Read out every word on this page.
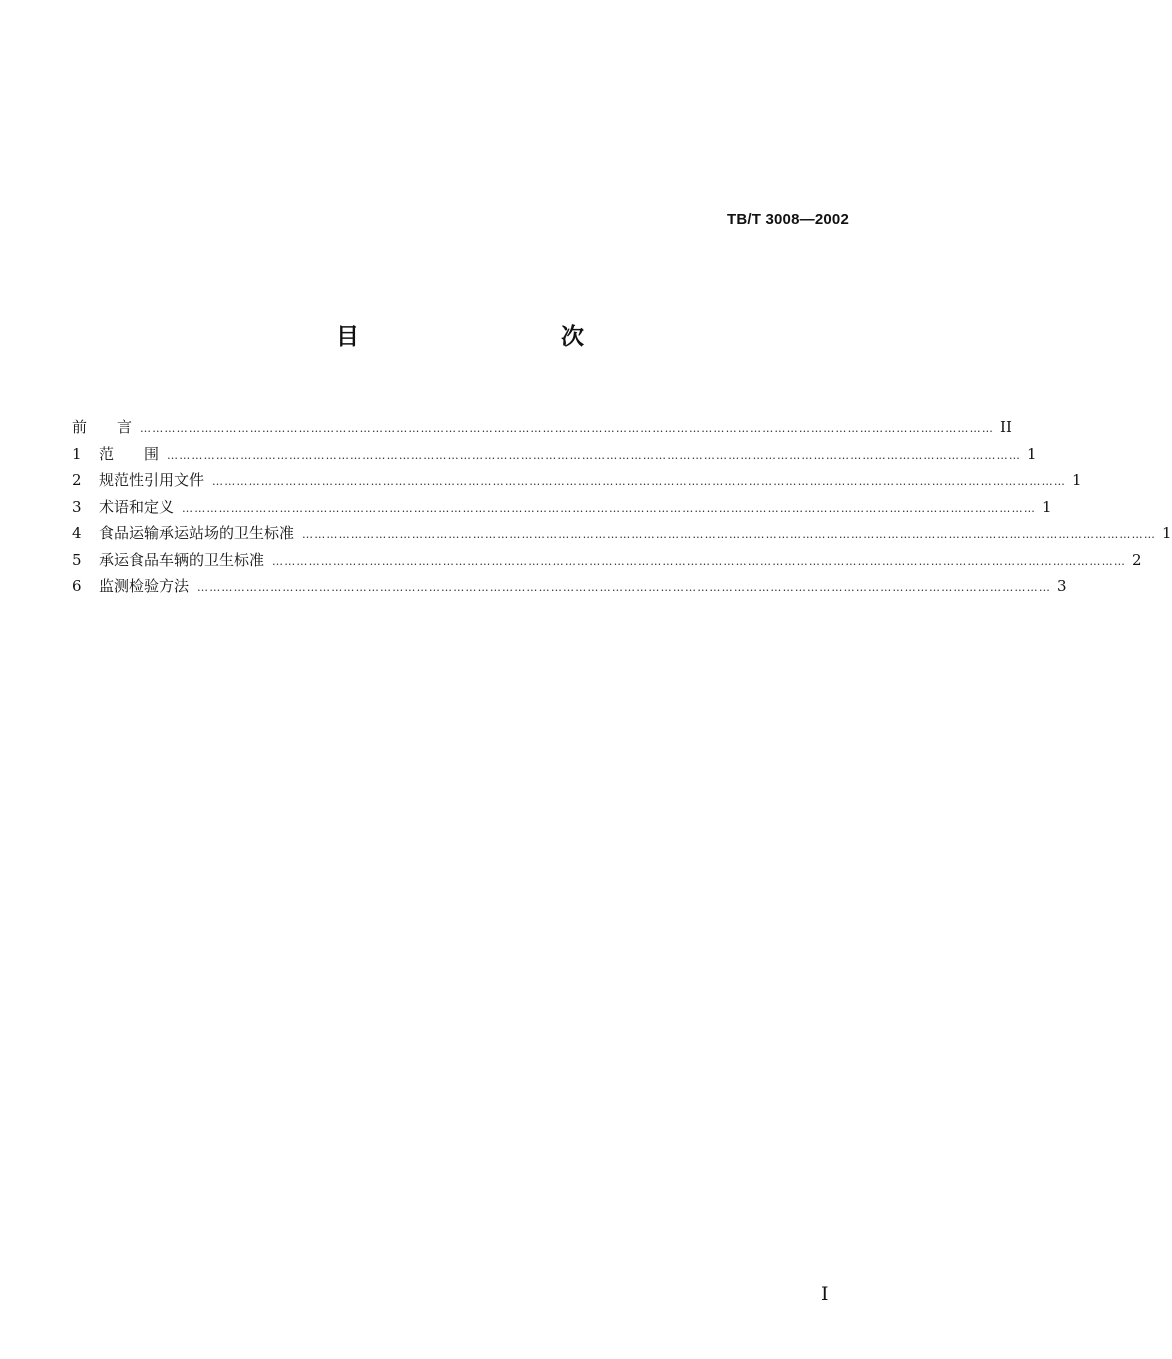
TB/T 3008—2002
目　　次
前　　言 ………………………………………………………………………………………………………………………………………………………………………………………… II
1	范　　围 ………………………………………………………………………………………………………………………………………………………………………………………… 1
2	规范性引用文件 ………………………………………………………………………………………………………………………………………………………………………………………… 1
3	术语和定义 ………………………………………………………………………………………………………………………………………………………………………………………… 1
4	食品运输承运站场的卫生标准 ………………………………………………………………………………………………………………………………………………………………………………………… 1
5	承运食品车辆的卫生标准 ………………………………………………………………………………………………………………………………………………………………………………………… 2
6	监测检验方法 ………………………………………………………………………………………………………………………………………………………………………………………… 3
I
